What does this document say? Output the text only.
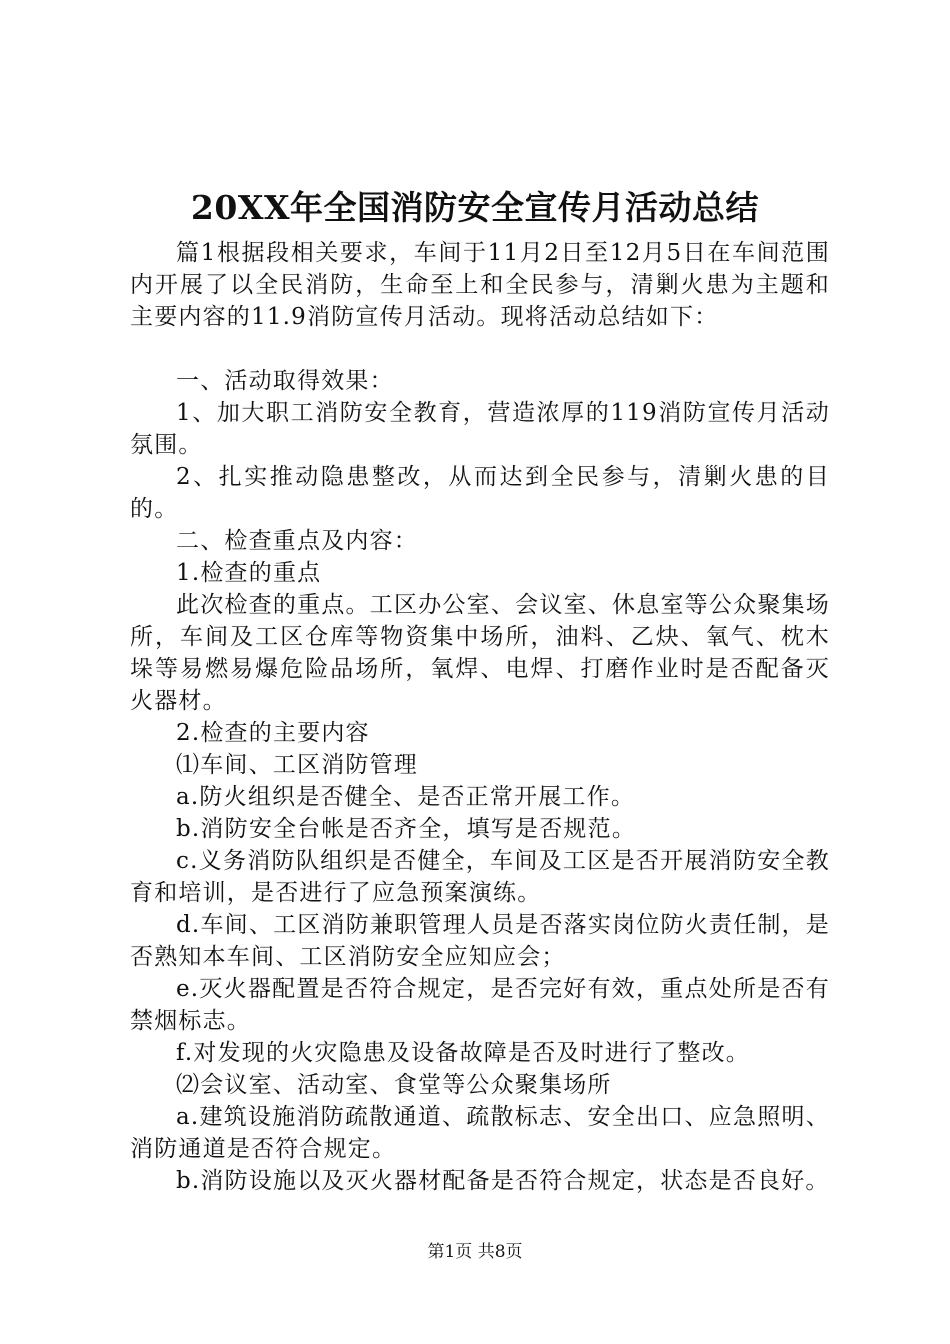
20XX年全国消防安全宣传月活动总结

篇1根据段相关要求，车间于11月2日至12月5日在车间范围内开展了以全民消防，生命至上和全民参与，清剿火患为主题和主要内容的11.9消防宣传月活动。现将活动总结如下：

一、活动取得效果：

1、加大职工消防安全教育，营造浓厚的119消防宣传月活动氛围。

2、扎实推动隐患整改，从而达到全民参与，清剿火患的目的。

二、检查重点及内容：

1.检查的重点

此次检查的重点。工区办公室、会议室、休息室等公众聚集场所，车间及工区仓库等物资集中场所，油料、乙炔、氧气、枕木垛等易燃易爆危险品场所，氧焊、电焊、打磨作业时是否配备灭火器材。

2.检查的主要内容

⑴车间、工区消防管理

a.防火组织是否健全、是否正常开展工作。

b.消防安全台帐是否齐全，填写是否规范。

c.义务消防队组织是否健全，车间及工区是否开展消防安全教育和培训，是否进行了应急预案演练。

d.车间、工区消防兼职管理人员是否落实岗位防火责任制，是否熟知本车间、工区消防安全应知应会；

e.灭火器配置是否符合规定，是否完好有效，重点处所是否有禁烟标志。

f.对发现的火灾隐患及设备故障是否及时进行了整改。

⑵会议室、活动室、食堂等公众聚集场所

a.建筑设施消防疏散通道、疏散标志、安全出口、应急照明、消防通道是否符合规定。

b.消防设施以及灭火器材配备是否符合规定，状态是否良好。

第1页 共8页
